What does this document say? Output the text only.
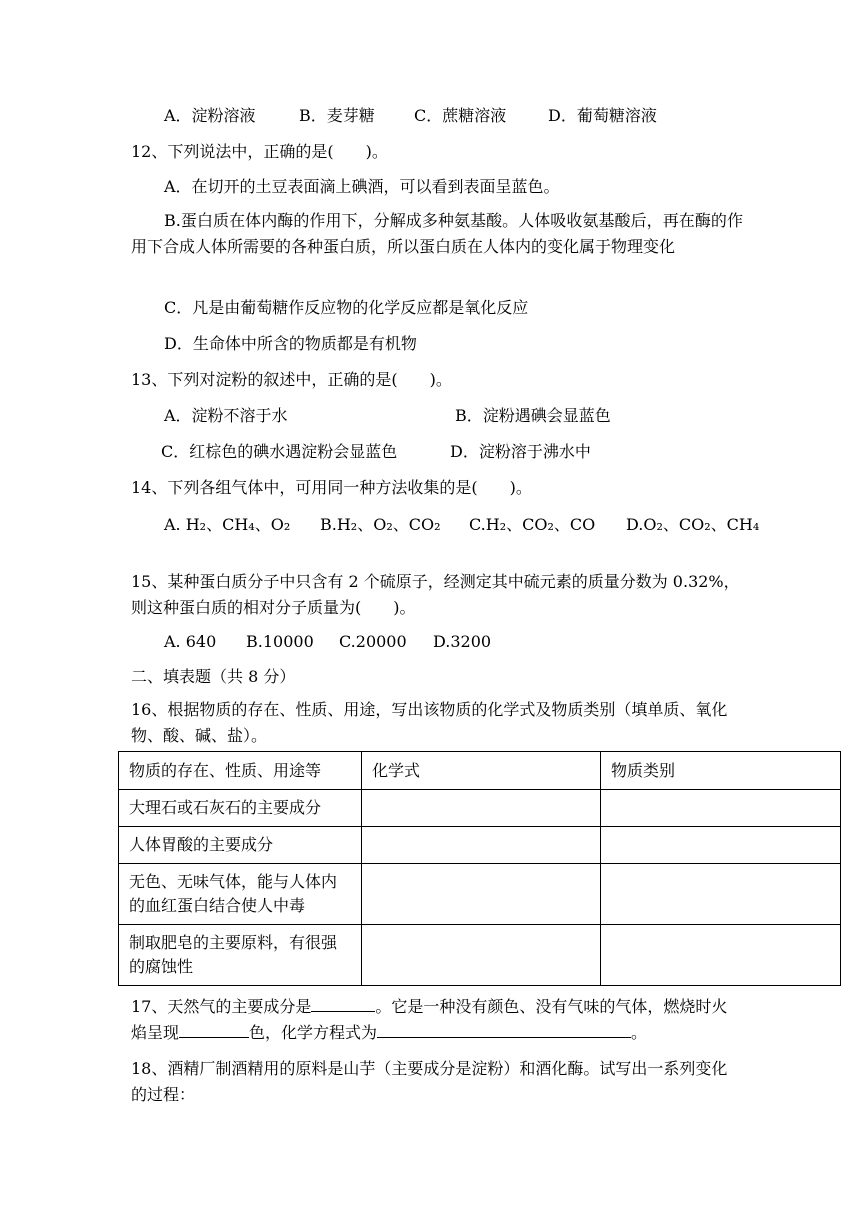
A．淀粉溶液	B．麦芽糖 C．蔗糖溶液	D．葡萄糖溶液
12、下列说法中，正确的是(　　)。
A．在切开的土豆表面滴上碘酒，可以看到表面呈蓝色。
B.蛋白质在体内酶的作用下，分解成多种氨基酸。人体吸收氨基酸后，再在酶的作用下合成人体所需要的各种蛋白质，所以蛋白质在人体内的变化属于物理变化
C．凡是由葡萄糖作反应物的化学反应都是氧化反应
D．生命体中所含的物质都是有机物
13、下列对淀粉的叙述中，正确的是(　　)。
A．淀粉不溶于水	B．淀粉遇碘会显蓝色
C．红棕色的碘水遇淀粉会显蓝色	D．淀粉溶于沸水中
14、下列各组气体中，可用同一种方法收集的是(　　)。
A. H₂、CH₄、O₂ B.H₂、O₂、CO₂ C.H₂、CO₂、CO D.O₂、CO₂、CH₄
15、某种蛋白质分子中只含有 2 个硫原子，经测定其中硫元素的质量分数为 0.32%，则这种蛋白质的相对分子质量为(　　)。
A. 640 B.10000 C.20000 D.3200
二、填表题（共 8 分）
16、根据物质的存在、性质、用途，写出该物质的化学式及物质类别（填单质、氧化物、酸、碱、盐）。
物质的存在、性质、用途等	化学式	物质类别
大理石或石灰石的主要成分		
人体胃酸的主要成分		
无色、无味气体，能与人体内的血红蛋白结合使人中毒		
制取肥皂的主要原料，有很强的腐蚀性		
17、天然气的主要成分是	。它是一种没有颜色、没有气味的气体，燃烧时火焰呈现	色，化学方程式为	。
18、酒精厂制酒精用的原料是山芋（主要成分是淀粉）和酒化酶。试写出一系列变化的过程：
